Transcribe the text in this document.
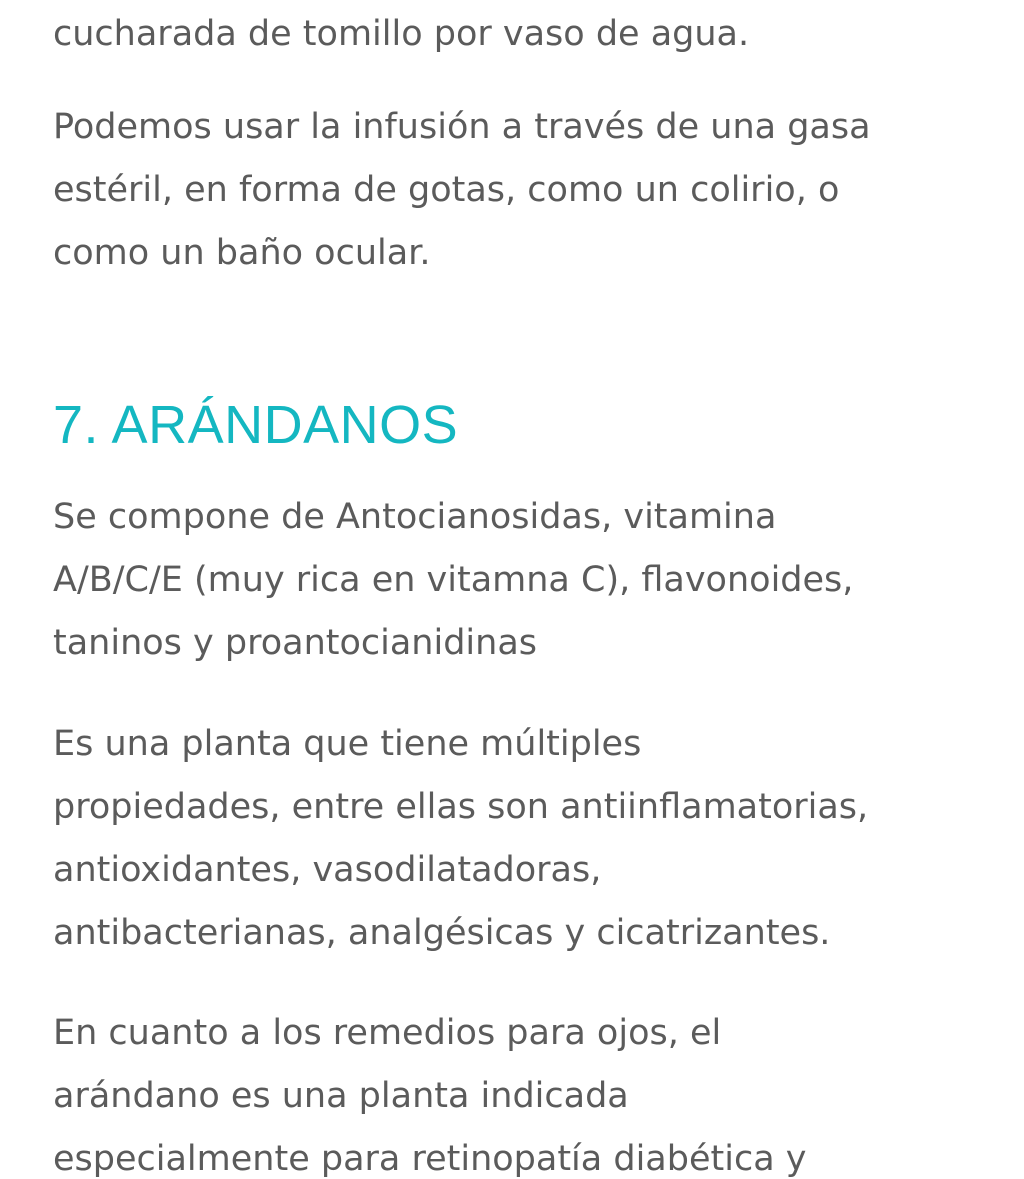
cucharada de tomillo por vaso de agua.

Podemos usar la infusión a través de una gasa
estéril, en forma de gotas, como un colirio, o
como un baño ocular.

7. ARÁNDANOS

Se compone de Antocianosidas, vitamina
A/B/C/E (muy rica en vitamna C), flavonoides,
taninos y proantocianidinas

Es una planta que tiene múltiples
propiedades, entre ellas son antiinflamatorias,
antioxidantes, vasodilatadoras,
antibacterianas, analgésicas y cicatrizantes.

En cuanto a los remedios para ojos, el
arándano es una planta indicada
especialmente para retinopatía diabética y
